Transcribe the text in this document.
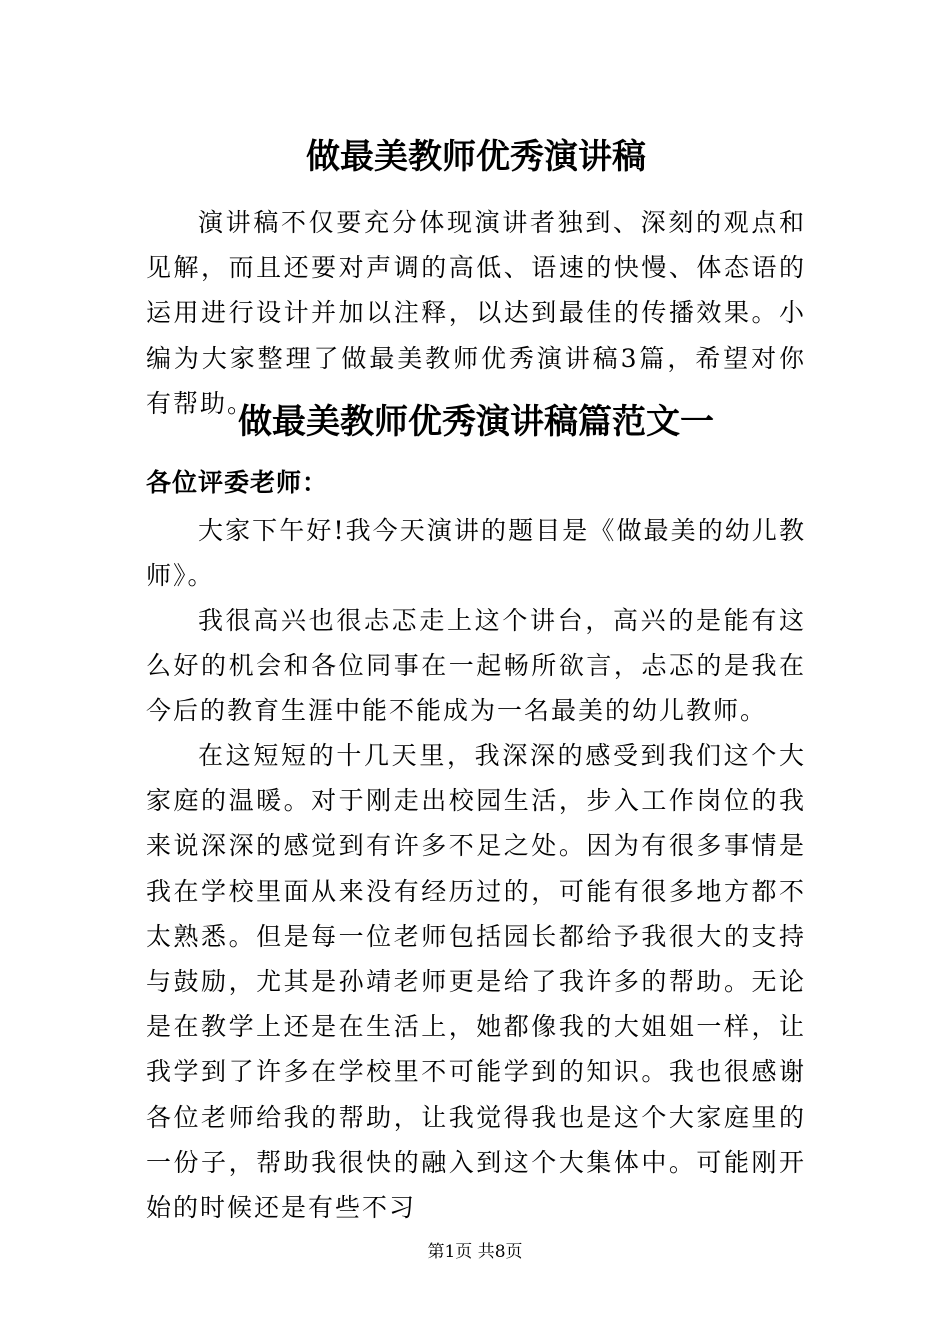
做最美教师优秀演讲稿

演讲稿不仅要充分体现演讲者独到、深刻的观点和见解，而且还要对声调的高低、语速的快慢、体态语的运用进行设计并加以注释，以达到最佳的传播效果。小编为大家整理了做最美教师优秀演讲稿3篇，希望对你有帮助。

做最美教师优秀演讲稿篇范文一
各位评委老师：

大家下午好!我今天演讲的题目是《做最美的幼儿教师》。

我很高兴也很忐忑走上这个讲台，高兴的是能有这么好的机会和各位同事在一起畅所欲言，忐忑的是我在今后的教育生涯中能不能成为一名最美的幼儿教师。

在这短短的十几天里，我深深的感受到我们这个大家庭的温暖。对于刚走出校园生活，步入工作岗位的我来说深深的感觉到有许多不足之处。因为有很多事情是我在学校里面从来没有经历过的，可能有很多地方都不太熟悉。但是每一位老师包括园长都给予我很大的支持与鼓励，尤其是孙靖老师更是给了我许多的帮助。无论是在教学上还是在生活上，她都像我的大姐姐一样，让我学到了许多在学校里不可能学到的知识。我也很感谢各位老师给我的帮助，让我觉得我也是这个大家庭里的一份子，帮助我很快的融入到这个大集体中。可能刚开始的时候还是有些不习

第1页 共8页
